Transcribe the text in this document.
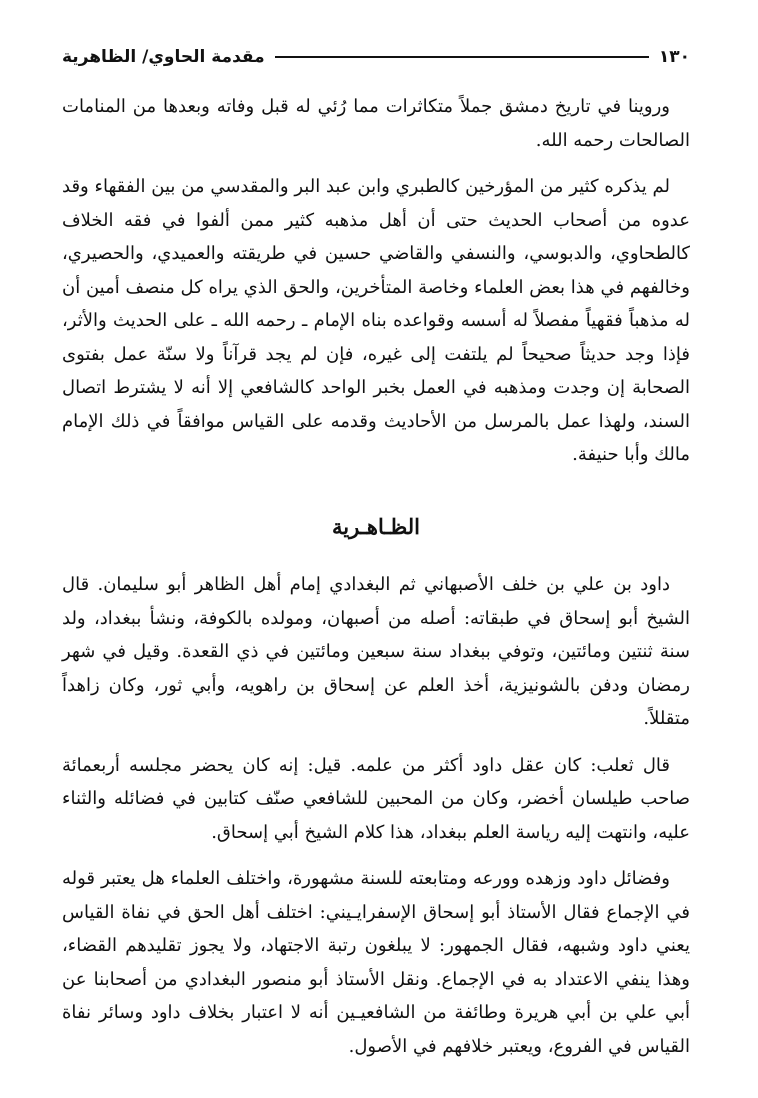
١٣٠
مقدمة الحاوي/ الظاهرية

وروينا في تاريخ دمشق جملاً متكاثرات مما رُئي له قبل وفاته وبعدها من المنامات الصالحات رحمه الله.

لم يذكره كثير من المؤرخين كالطبري وابن عبد البر والمقدسي من بين الفقهاء وقد عدوه من أصحاب الحديث حتى أن أهل مذهبه كثير ممن ألفوا في فقه الخلاف كالطحاوي، والدبوسي، والنسفي والقاضي حسين في طريقته والعميدي، والحصيري، وخالفهم في هذا بعض العلماء وخاصة المتأخرين، والحق الذي يراه كل منصف أمين أن له مذهباً فقهياً مفصلاً له أسسه وقواعده بناه الإمام ـ رحمه الله ـ على الحديث والأثر، فإذا وجد حديثاً صحيحاً لم يلتفت إلى غيره، فإن لم يجد قرآناً ولا سنّة عمل بفتوى الصحابة إن وجدت ومذهبه في العمل بخبر الواحد كالشافعي إلا أنه لا يشترط اتصال السند، ولهذا عمل بالمرسل من الأحاديث وقدمه على القياس موافقاً في ذلك الإمام مالك وأبا حنيفة.

الظـاهـرية

داود بن علي بن خلف الأصبهاني ثم البغدادي إمام أهل الظاهر أبو سليمان. قال الشيخ أبو إسحاق في طبقاته: أصله من أصبهان، ومولده بالكوفة، ونشأ ببغداد، ولد سنة ثنتين ومائتين، وتوفي ببغداد سنة سبعين ومائتين في ذي القعدة. وقيل في شهر رمضان ودفن بالشونيزية، أخذ العلم عن إسحاق بن راهويه، وأبي ثور، وكان زاهداً متقللاً.

قال ثعلب: كان عقل داود أكثر من علمه. قيل: إنه كان يحضر مجلسه أربعمائة صاحب طيلسان أخضر، وكان من المحبين للشافعي صنّف كتابين في فضائله والثناء عليه، وانتهت إليه رياسة العلم ببغداد، هذا كلام الشيخ أبي إسحاق.

وفضائل داود وزهده وورعه ومتابعته للسنة مشهورة، واختلف العلماء هل يعتبر قوله في الإجماع فقال الأستاذ أبو إسحاق الإسفرايـيني: اختلف أهل الحق في نفاة القياس يعني داود وشبهه، فقال الجمهور: لا يبلغون رتبة الاجتهاد، ولا يجوز تقليدهم القضاء، وهذا ينفي الاعتداد به في الإجماع. ونقل الأستاذ أبو منصور البغدادي من أصحابنا عن أبي علي بن أبي هريرة وطائفة من الشافعيـين أنه لا اعتبار بخلاف داود وسائر نفاة القياس في الفروع، ويعتبر خلافهم في الأصول.
